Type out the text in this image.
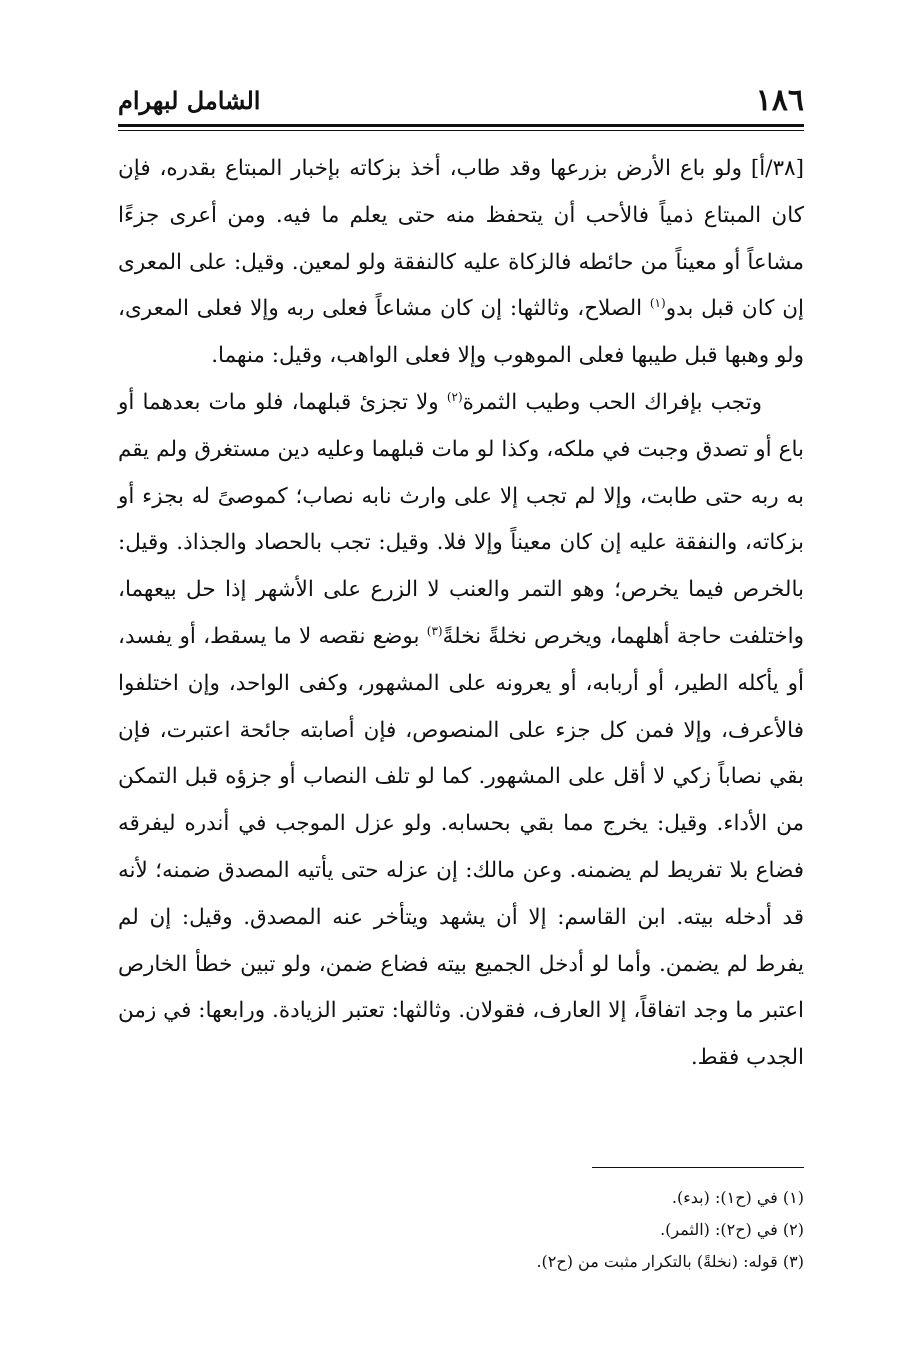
١٨٦
الشامل لبهرام

[٣٨/أ] ولو باع الأرض بزرعها وقد طاب، أخذ بزكاته بإخبار المبتاع بقدره، فإن كان المبتاع ذمياً فالأحب أن يتحفظ منه حتى يعلم ما فيه. ومن أعرى جزءًا مشاعاً أو معيناً من حائطه فالزكاة عليه كالنفقة ولو لمعين. وقيل: على المعرى إن كان قبل بدو$^{(١)}$ الصلاح، وثالثها: إن كان مشاعاً فعلى ربه وإلا فعلى المعرى، ولو وهبها قبل طيبها فعلى الموهوب وإلا فعلى الواهب، وقيل: منهما.

وتجب بإفراك الحب وطيب الثمرة$^{(٢)}$ ولا تجزئ قبلهما، فلو مات بعدهما أو باع أو تصدق وجبت في ملكه، وكذا لو مات قبلهما وعليه دين مستغرق ولم يقم به ربه حتى طابت، وإلا لم تجب إلا على وارث نابه نصاب؛ كموصىً له بجزء أو بزكاته، والنفقة عليه إن كان معيناً وإلا فلا. وقيل: تجب بالحصاد والجذاذ. وقيل: بالخرص فيما يخرص؛ وهو التمر والعنب لا الزرع على الأشهر إذا حل بيعهما، واختلفت حاجة أهلهما، ويخرص نخلةً نخلةً$^{(٣)}$ بوضع نقصه لا ما يسقط، أو يفسد، أو يأكله الطير، أو أربابه، أو يعرونه على المشهور، وكفى الواحد، وإن اختلفوا فالأعرف، وإلا فمن كل جزء على المنصوص، فإن أصابته جائحة اعتبرت، فإن بقي نصاباً زكي لا أقل على المشهور. كما لو تلف النصاب أو جزؤه قبل التمكن من الأداء. وقيل: يخرج مما بقي بحسابه. ولو عزل الموجب في أندره ليفرقه فضاع بلا تفريط لم يضمنه. وعن مالك: إن عزله حتى يأتيه المصدق ضمنه؛ لأنه قد أدخله بيته. ابن القاسم: إلا أن يشهد ويتأخر عنه المصدق. وقيل: إن لم يفرط لم يضمن. وأما لو أدخل الجميع بيته فضاع ضمن، ولو تبين خطأ الخارص اعتبر ما وجد اتفاقاً، إلا العارف، فقولان. وثالثها: تعتبر الزيادة. ورابعها: في زمن الجدب فقط.

(١) في (ح١): (بدء).
(٢) في (ح٢): (الثمر).
(٣) قوله: (نخلةً) بالتكرار مثبت من (ح٢).
